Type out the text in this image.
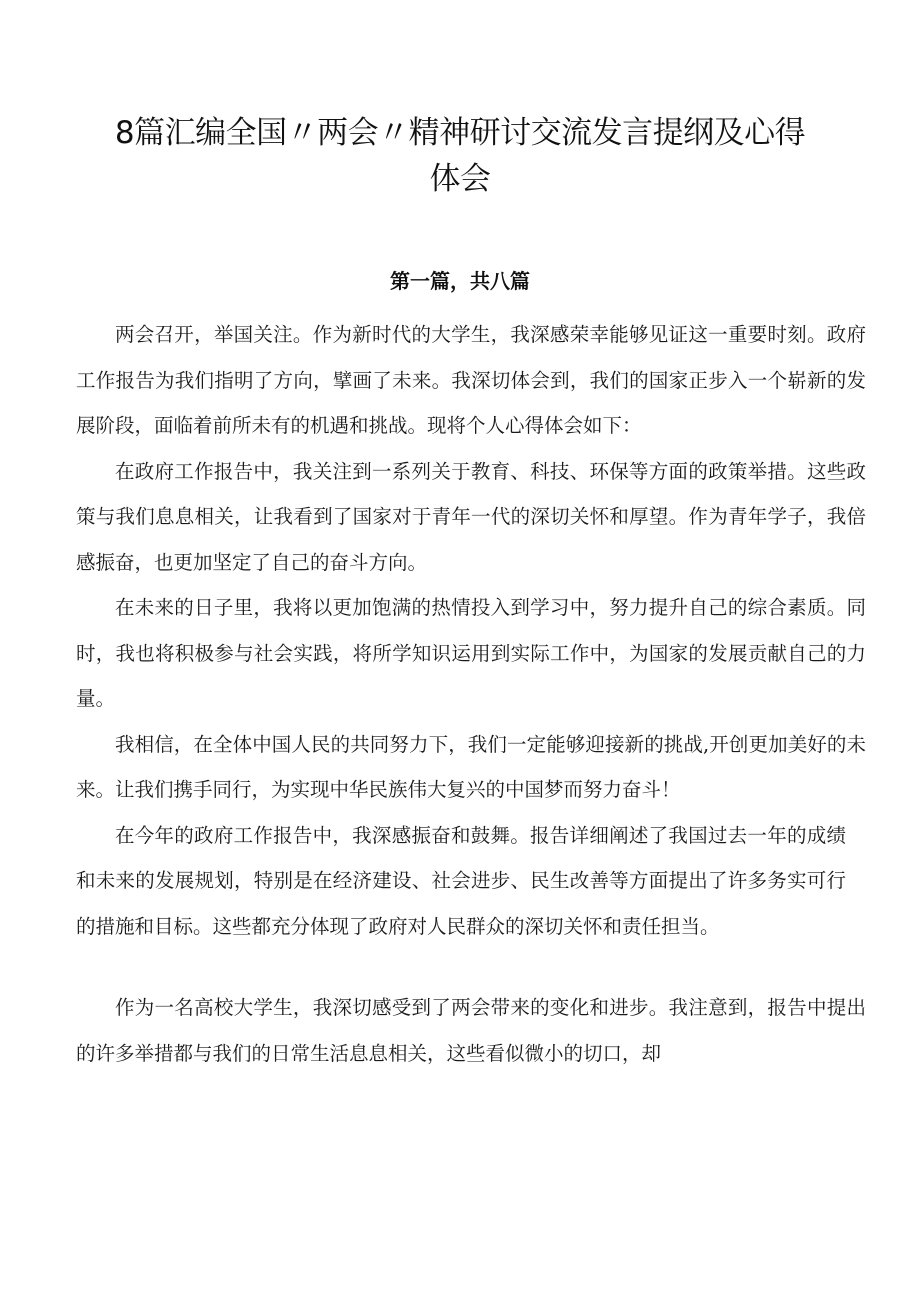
8篇汇编全国〃两会〃精神研讨交流发言提纲及心得体会
第一篇，共八篇

两会召开，举国关注。作为新时代的大学生，我深感荣幸能够见证这一重要时刻。政府工作报告为我们指明了方向，擘画了未来。我深切体会到，我们的国家正步入一个崭新的发展阶段，面临着前所未有的机遇和挑战。现将个人心得体会如下：

在政府工作报告中，我关注到一系列关于教育、科技、环保等方面的政策举措。这些政策与我们息息相关，让我看到了国家对于青年一代的深切关怀和厚望。作为青年学子，我倍感振奋，也更加坚定了自己的奋斗方向。

在未来的日子里，我将以更加饱满的热情投入到学习中，努力提升自己的综合素质。同时，我也将积极参与社会实践，将所学知识运用到实际工作中，为国家的发展贡献自己的力量。

我相信，在全体中国人民的共同努力下，我们一定能够迎接新的挑战,开创更加美好的未来。让我们携手同行，为实现中华民族伟大复兴的中国梦而努力奋斗！

在今年的政府工作报告中，我深感振奋和鼓舞。报告详细阐述了我国过去一年的成绩和未来的发展规划，特别是在经济建设、社会进步、民生改善等方面提出了许多务实可行的措施和目标。这些都充分体现了政府对人民群众的深切关怀和责任担当。

作为一名高校大学生，我深切感受到了两会带来的变化和进步。我注意到，报告中提出的许多举措都与我们的日常生活息息相关，这些看似微小的切口，却
